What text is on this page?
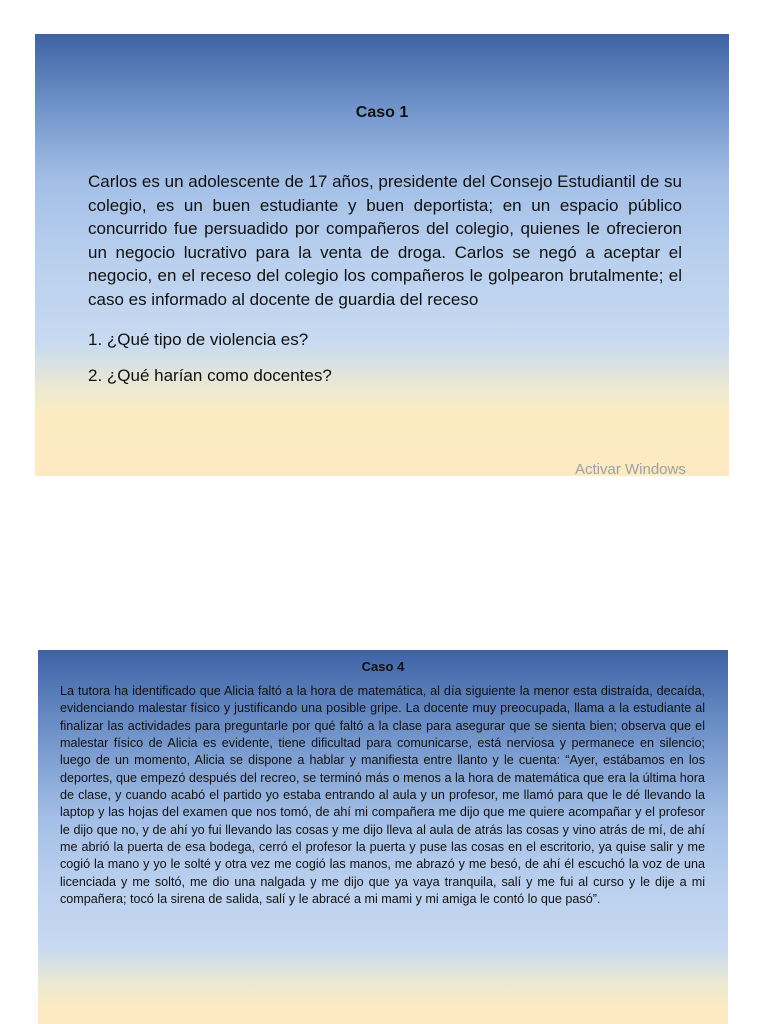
Caso 1

Carlos es un adolescente de 17 años, presidente del Consejo Estudiantil de su colegio, es un buen estudiante y buen deportista; en un espacio público concurrido fue persuadido por compañeros del colegio, quienes le ofrecieron un negocio lucrativo para la venta de droga. Carlos se negó a aceptar el negocio, en el receso del colegio los compañeros le golpearon brutalmente; el caso es informado al docente de guardia del receso

1. ¿Qué tipo de violencia es?

2. ¿Qué harían como docentes?

Activar Windows
Caso 4

La tutora ha identificado que Alicia faltó a la hora de matemática, al día siguiente la menor esta distraída, decaída, evidenciando malestar físico y justificando una posible gripe. La docente muy preocupada, llama a la estudiante al finalizar las actividades para preguntarle por qué faltó a la clase para asegurar que se sienta bien; observa que el malestar físico de Alicia es evidente, tiene dificultad para comunicarse, está nerviosa y permanece en silencio; luego de un momento, Alicia se dispone a hablar y manifiesta entre llanto y le cuenta: “Ayer, estábamos en los deportes, que empezó después del recreo, se terminó más o menos a la hora de matemática que era la última hora de clase, y cuando acabó el partido yo estaba entrando al aula y un profesor, me llamó para que le dé llevando la laptop y las hojas del examen que nos tomó, de ahí mi compañera me dijo que me quiere acompañar y el profesor le dijo que no, y de ahí yo fui llevando las cosas y me dijo lleva al aula de atrás las cosas y vino atrás de mí, de ahí me abrió la puerta de esa bodega, cerró el profesor la puerta y puse las cosas en el escritorio, ya quise salir y me cogió la mano y yo le solté y otra vez me cogió las manos, me abrazó y me besó, de ahí él escuchó la voz de una licenciada y me soltó, me dio una nalgada y me dijo que ya vaya tranquila, salí y me fui al curso y le dije a mi compañera; tocó la sirena de salida, salí y le abracé a mi mami y mi amiga le contó lo que pasó”.
